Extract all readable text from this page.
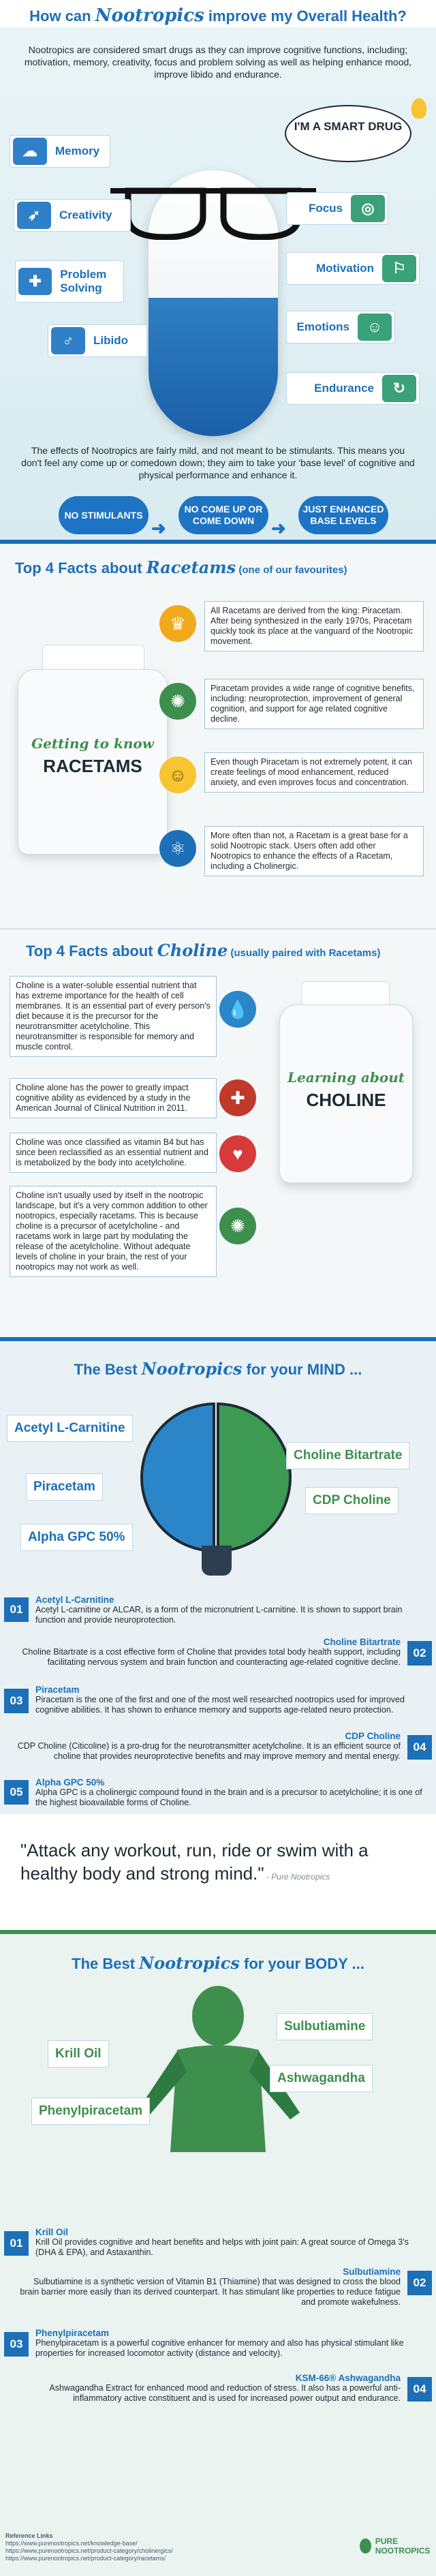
How can Nootropics improve my Overall Health?

Nootropics are considered smart drugs as they can improve cognitive functions, including; motivation, memory, creativity, focus and problem solving as well as helping enhance mood, improve libido and endurance.

I'M A SMART DRUG
☁	Memory
➶	Creativity
✚	Problem Solving
♂	Libido
Focus	◎
Motivation	⚐
Emotions	☺
Endurance	↻

The effects of Nootropics are fairly mild, and not meant to be stimulants. This means you don't feel any come up or comedown down; they aim to take your 'base level' of cognitive and physical performance and enhance it.

NO STIMULANTS
➜
NO COME UP OR COME DOWN ➜
JUST ENHANCED BASE LEVELS
Top 4 Facts about Racetams (one of our favourites)
Getting to know
RACETAMS
♛
All Racetams are derived from the king: Piracetam. After being synthesized in the early 1970s, Piracetam quickly took its place at the vanguard of the Nootropic movement.
✺
Piracetam provides a wide range of cognitive benefits, including: neuroprotection, improvement of general cognition, and support for age related cognitive decline.
☺
Even though Piracetam is not extremely potent, it can create feelings of mood enhancement, reduced anxiety, and even improves focus and concentration.
⚛
More often than not, a Racetam is a great base for a solid Nootropic stack. Users often add other Nootropics to enhance the effects of a Racetam, including a Cholinergic.
Top 4 Facts about Choline (usually paired with Racetams)
Choline is a water-soluble essential nutrient that has extreme importance for the health of cell membranes. It is an essential part of every person's diet because it is the precursor for the neurotransmitter acetylcholine. This neurotransmitter is responsible for memory and muscle control.
💧
Choline alone has the power to greatly impact cognitive ability as evidenced by a study in the American Journal of Clinical Nutrition in 2011.
✚
Choline was once classified as vitamin B4 but has since been reclassified as an essential nutrient and is metabolized by the body into acetylcholine.	♥
Choline isn't usually used by itself in the nootropic landscape, but it's a very common addition to other nootropics, especially racetams. This is because choline is a precursor of acetylcholine - and racetams work in large part by modulating the release of the acetylcholine. Without adequate levels of choline in your brain, the rest of your nootropics may not work as well.
✺
Learning about
CHOLINE
The Best Nootropics for your MIND ...
Acetyl L-Carnitine
Piracetam
Alpha GPC 50%
Choline Bitartrate
CDP Choline
01
Acetyl L-Carnitine
Acetyl L-carnitine or ALCAR, is a form of the micronutrient L-carnitine. It is shown to support brain function and provide neuroprotection.
02
Choline Bitartrate
Choline Bitartrate is a cost effective form of Choline that provides total body health support, including facilitating nervous system and brain function and counteracting age-related cognitive decline.
03
Piracetam
Piracetam is the one of the first and one of the most well researched nootropics used for improved cognitive abilities. It has shown to enhance memory and supports age-related neuro protection.
04
CDP Choline
CDP Choline (Citicoline) is a pro-drug for the neurotransmitter acetylcholine. It is an efficient source of choline that provides neuroprotective benefits and may improve memory and mental energy.
05
Alpha GPC 50%
Alpha GPC is a cholinergic compound found in the brain and is a precursor to acetylcholine; it is one of the highest bioavailable forms of Choline.

"Attack any workout, run, ride or swim with a healthy body and strong mind." - Pure Nootropics

The Best Nootropics for your BODY ...
Krill Oil
Phenylpiracetam
Sulbutiamine
Ashwagandha
01
Krill Oil
Krill Oil provides cognitive and heart benefits and helps with joint pain: A great source of Omega 3's (DHA & EPA), and Astaxanthin.
02
Sulbutiamine
Sulbutiamine is a synthetic version of Vitamin B1 (Thiamine) that was designed to cross the blood brain barrier more easily than its derived counterpart. It has stimulant like properties to reduce fatigue and promote wakefulness.
03
Phenylpiracetam
Phenylpiracetam is a powerful cognitive enhancer for memory and also has physical stimulant like properties for increased locomotor activity (distance and velocity).
04
KSM-66® Ashwagandha
Ashwagandha Extract for enhanced mood and reduction of stress. It also has a powerful anti-inflammatory active constituent and is used for increased power output and endurance.
Reference Links
https://www.purenootropics.net/knowledge-base/
https://www.purenootropics.net/product-category/cholinergics/
https://www.purenootropics.net/product-category/racetams/
PURE NOOTROPICS
